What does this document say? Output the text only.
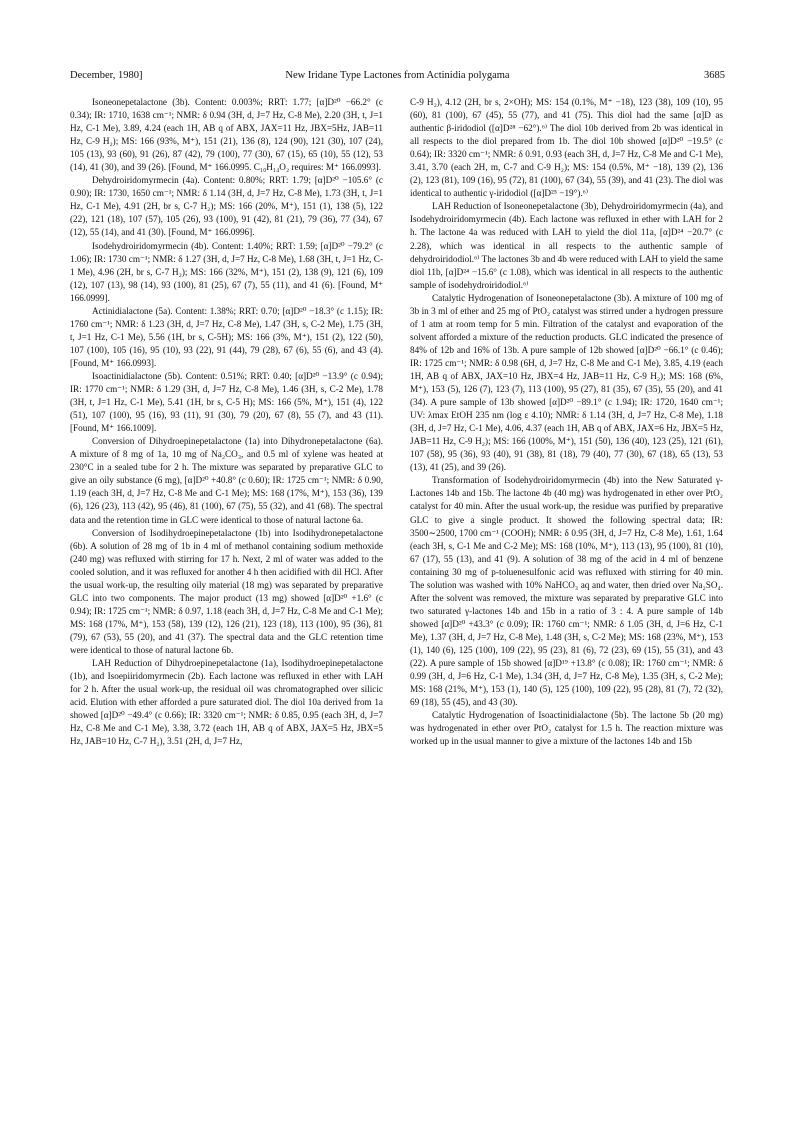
December, 1980]	New Iridane Type Lactones from Actinidia polygama	3685

Isoneonepetalactone (3b). Content: 0.003%; RRT: 1.77; [α]D²⁰ −66.2° (c 0.34); IR: 1710, 1638 cm⁻¹; NMR: δ 0.94 (3H, d, J=7 Hz, C-8 Me), 2.20 (3H, t, J=1 Hz, C-1 Me), 3.89, 4.24 (each 1H, AB q of ABX, JAX=11 Hz, JBX=5Hz, JAB=11 Hz, C-9 H₂); MS: 166 (93%, M⁺), 151 (21), 136 (8), 124 (90), 121 (30), 107 (24), 105 (13), 93 (60), 91 (26), 87 (42), 79 (100), 77 (30), 67 (15), 65 (10), 55 (12), 53 (14), 41 (30), and 39 (26). [Found, M⁺ 166.0995. C₁₀H₁₄O₂ requires: M⁺ 166.0993].

Dehydroiridomyrmecin (4a). Content: 0.80%; RRT: 1.79; [α]D²⁰ −105.6° (c 0.90); IR: 1730, 1650 cm⁻¹; NMR: δ 1.14 (3H, d, J=7 Hz, C-8 Me), 1.73 (3H, t, J=1 Hz, C-1 Me), 4.91 (2H, br s, C-7 H₂); MS: 166 (20%, M⁺), 151 (1), 138 (5), 122 (22), 121 (18), 107 (57), 105 (26), 93 (100), 91 (42), 81 (21), 79 (36), 77 (34), 67 (12), 55 (14), and 41 (30). [Found, M⁺ 166.0996].

Isodehydroiridomyrmecin (4b). Content: 1.40%; RRT: 1.59; [α]D²⁰ −79.2° (c 1.06); IR: 1730 cm⁻¹; NMR: δ 1.27 (3H, d, J=7 Hz, C-8 Me), 1.68 (3H, t, J=1 Hz, C-1 Me), 4.96 (2H, br s, C-7 H₂); MS: 166 (32%, M⁺), 151 (2), 138 (9), 121 (6), 109 (12), 107 (13), 98 (14), 93 (100), 81 (25), 67 (7), 55 (11), and 41 (6). [Found, M⁺ 166.0999].

Actinidialactone (5a). Content: 1.38%; RRT: 0.70; [α]D²⁰ −18.3° (c 1.15); IR: 1760 cm⁻¹; NMR: δ 1.23 (3H, d, J=7 Hz, C-8 Me), 1.47 (3H, s, C-2 Me), 1.75 (3H, t, J=1 Hz, C-1 Me), 5.56 (1H, br s, C-5H); MS: 166 (3%, M⁺), 151 (2), 122 (50), 107 (100), 105 (16), 95 (10), 93 (22), 91 (44), 79 (28), 67 (6), 55 (6), and 43 (4). [Found, M⁺ 166.0993].

Isoactinidialactone (5b). Content: 0.51%; RRT: 0.40; [α]D²⁰ −13.9° (c 0.94); IR: 1770 cm⁻¹; NMR: δ 1.29 (3H, d, J=7 Hz, C-8 Me), 1.46 (3H, s, C-2 Me), 1.78 (3H, t, J=1 Hz, C-1 Me), 5.41 (1H, br s, C-5 H); MS: 166 (5%, M⁺), 151 (4), 122 (51), 107 (100), 95 (16), 93 (11), 91 (30), 79 (20), 67 (8), 55 (7), and 43 (11). [Found, M⁺ 166.1009].

Conversion of Dihydroepinepetalactone (1a) into Dihydronepetalactone (6a). A mixture of 8 mg of 1a, 10 mg of Na₂CO₃, and 0.5 ml of xylene was heated at 230°C in a sealed tube for 2 h. The mixture was separated by preparative GLC to give an oily substance (6 mg), [α]D²⁰ +40.8° (c 0.60); IR: 1725 cm⁻¹; NMR: δ 0.90, 1.19 (each 3H, d, J=7 Hz, C-8 Me and C-1 Me); MS: 168 (17%, M⁺), 153 (36), 139 (6), 126 (23), 113 (42), 95 (46), 81 (100), 67 (75), 55 (32), and 41 (68). The spectral data and the retention time in GLC were identical to those of natural lactone 6a.

Conversion of Isodihydroepinepetalactone (1b) into Isodihydronepetalactone (6b). A solution of 28 mg of 1b in 4 ml of methanol containing sodium methoxide (240 mg) was refluxed with stirring for 17 h. Next, 2 ml of water was added to the cooled solution, and it was refluxed for another 4 h then acidified with dil HCl. After the usual work-up, the resulting oily material (18 mg) was separated by preparative GLC into two components. The major product (13 mg) showed [α]D²⁰ +1.6° (c 0.94); IR: 1725 cm⁻¹; NMR: δ 0.97, 1.18 (each 3H, d, J=7 Hz, C-8 Me and C-1 Me); MS: 168 (17%, M⁺), 153 (58), 139 (12), 126 (21), 123 (18), 113 (100), 95 (36), 81 (79), 67 (53), 55 (20), and 41 (37). The spectral data and the GLC retention time were identical to those of natural lactone 6b.

LAH Reduction of Dihydroepinepetalactone (1a), Isodihydroepinepetalactone (1b), and Isoepiiridomyrmecin (2b). Each lactone was refluxed in ether with LAH for 2 h. After the usual work-up, the residual oil was chromatographed over silicic acid. Elution with ether afforded a pure saturated diol. The diol 10a derived from 1a showed [α]D²⁰ −49.4° (c 0.66); IR: 3320 cm⁻¹; NMR: δ 0.85, 0.95 (each 3H, d, J=7 Hz, C-8 Me and C-1 Me), 3.38, 3.72 (each 1H, AB q of ABX, JAX=5 Hz, JBX=5 Hz, JAB=10 Hz, C-7 H₂), 3.51 (2H, d, J=7 Hz,

C-9 H₂), 4.12 (2H, br s, 2×OH); MS: 154 (0.1%, M⁺ −18), 123 (38), 109 (10), 95 (60), 81 (100), 67 (45), 55 (77), and 41 (75). This diol had the same [α]D as authentic β-iridodiol ([α]D²⁸ −62°).⁶⁾ The diol 10b derived from 2b was identical in all respects to the diol prepared from 1b. The diol 10b showed [α]D²⁰ −19.5° (c 0.64); IR: 3320 cm⁻¹; NMR: δ 0.91, 0.93 (each 3H, d, J=7 Hz, C-8 Me and C-1 Me), 3.41, 3.70 (each 2H, m, C-7 and C-9 H₂); MS: 154 (0.5%, M⁺ −18), 139 (2), 136 (2), 123 (81), 109 (16), 95 (72), 81 (100), 67 (34), 55 (39), and 41 (23). The diol was identical to authentic γ-iridodiol ([α]D²⁵ −19°).⁶⁾

LAH Reduction of Isoneonepetalactone (3b), Dehydroiridomyrmecin (4a), and Isodehydroiridomyrmecin (4b). Each lactone was refluxed in ether with LAH for 2 h. The lactone 4a was reduced with LAH to yield the diol 11a, [α]D²⁴ −20.7° (c 2.28), which was identical in all respects to the authentic sample of dehydroiridodiol.⁶⁾ The lactones 3b and 4b were reduced with LAH to yield the same diol 11b, [α]D²⁴ −15.6° (c 1.08), which was identical in all respects to the authentic sample of isodehydroiridodiol.⁶⁾

Catalytic Hydrogenation of Isoneonepetalactone (3b). A mixture of 100 mg of 3b in 3 ml of ether and 25 mg of PtO₂ catalyst was stirred under a hydrogen pressure of 1 atm at room temp for 5 min. Filtration of the catalyst and evaporation of the solvent afforded a mixture of the reduction products. GLC indicated the presence of 84% of 12b and 16% of 13b. A pure sample of 12b showed [α]D²⁰ −66.1° (c 0.46); IR: 1725 cm⁻¹; NMR: δ 0.98 (6H, d, J=7 Hz, C-8 Me and C-1 Me), 3.85, 4.19 (each 1H, AB q of ABX, JAX=10 Hz, JBX=4 Hz, JAB=11 Hz, C-9 H₂); MS: 168 (6%, M⁺), 153 (5), 126 (7), 123 (7), 113 (100), 95 (27), 81 (35), 67 (35), 55 (20), and 41 (34). A pure sample of 13b showed [α]D²⁰ −89.1° (c 1.94); IR: 1720, 1640 cm⁻¹; UV: λmax EtOH 235 nm (log ε 4.10); NMR: δ 1.14 (3H, d, J=7 Hz, C-8 Me), 1.18 (3H, d, J=7 Hz, C-1 Me), 4.06, 4.37 (each 1H, AB q of ABX, JAX=6 Hz, JBX=5 Hz, JAB=11 Hz, C-9 H₂); MS: 166 (100%, M⁺), 151 (50), 136 (40), 123 (25), 121 (61), 107 (58), 95 (36), 93 (40), 91 (38), 81 (18), 79 (40), 77 (30), 67 (18), 65 (13), 53 (13), 41 (25), and 39 (26).

Transformation of Isodehydroiridomyrmecin (4b) into the New Saturated γ-Lactones 14b and 15b. The lactone 4b (40 mg) was hydrogenated in ether over PtO₂ catalyst for 40 min. After the usual work-up, the residue was purified by preparative GLC to give a single product. It showed the following spectral data; IR: 3500∼2500, 1700 cm⁻¹ (COOH); NMR: δ 0.95 (3H, d, J=7 Hz, C-8 Me), 1.61, 1.64 (each 3H, s, C-1 Me and C-2 Me); MS: 168 (10%, M⁺), 113 (13), 95 (100), 81 (10), 67 (17), 55 (13), and 41 (9). A solution of 38 mg of the acid in 4 ml of benzene containing 30 mg of p-toluenesulfonic acid was refluxed with stirring for 40 min. The solution was washed with 10% NaHCO₃ aq and water, then dried over Na₂SO₄. After the solvent was removed, the mixture was separated by preparative GLC into two saturated γ-lactones 14b and 15b in a ratio of 3 : 4. A pure sample of 14b showed [α]D²⁰ +43.3° (c 0.09); IR: 1760 cm⁻¹; NMR: δ 1.05 (3H, d, J=6 Hz, C-1 Me), 1.37 (3H, d, J=7 Hz, C-8 Me), 1.48 (3H, s, C-2 Me); MS: 168 (23%, M⁺), 153 (1), 140 (6), 125 (100), 109 (22), 95 (23), 81 (6), 72 (23), 69 (15), 55 (31), and 43 (22). A pure sample of 15b showed [α]D¹⁹ +13.8° (c 0.08); IR: 1760 cm⁻¹; NMR: δ 0.99 (3H, d, J=6 Hz, C-1 Me), 1.34 (3H, d, J=7 Hz, C-8 Me), 1.35 (3H, s, C-2 Me); MS: 168 (21%, M⁺), 153 (1), 140 (5), 125 (100), 109 (22), 95 (28), 81 (7), 72 (32), 69 (18), 55 (45), and 43 (30).

Catalytic Hydrogenation of Isoactinidialactone (5b). The lactone 5b (20 mg) was hydrogenated in ether over PtO₂ catalyst for 1.5 h. The reaction mixture was worked up in the usual manner to give a mixture of the lactones 14b and 15b
